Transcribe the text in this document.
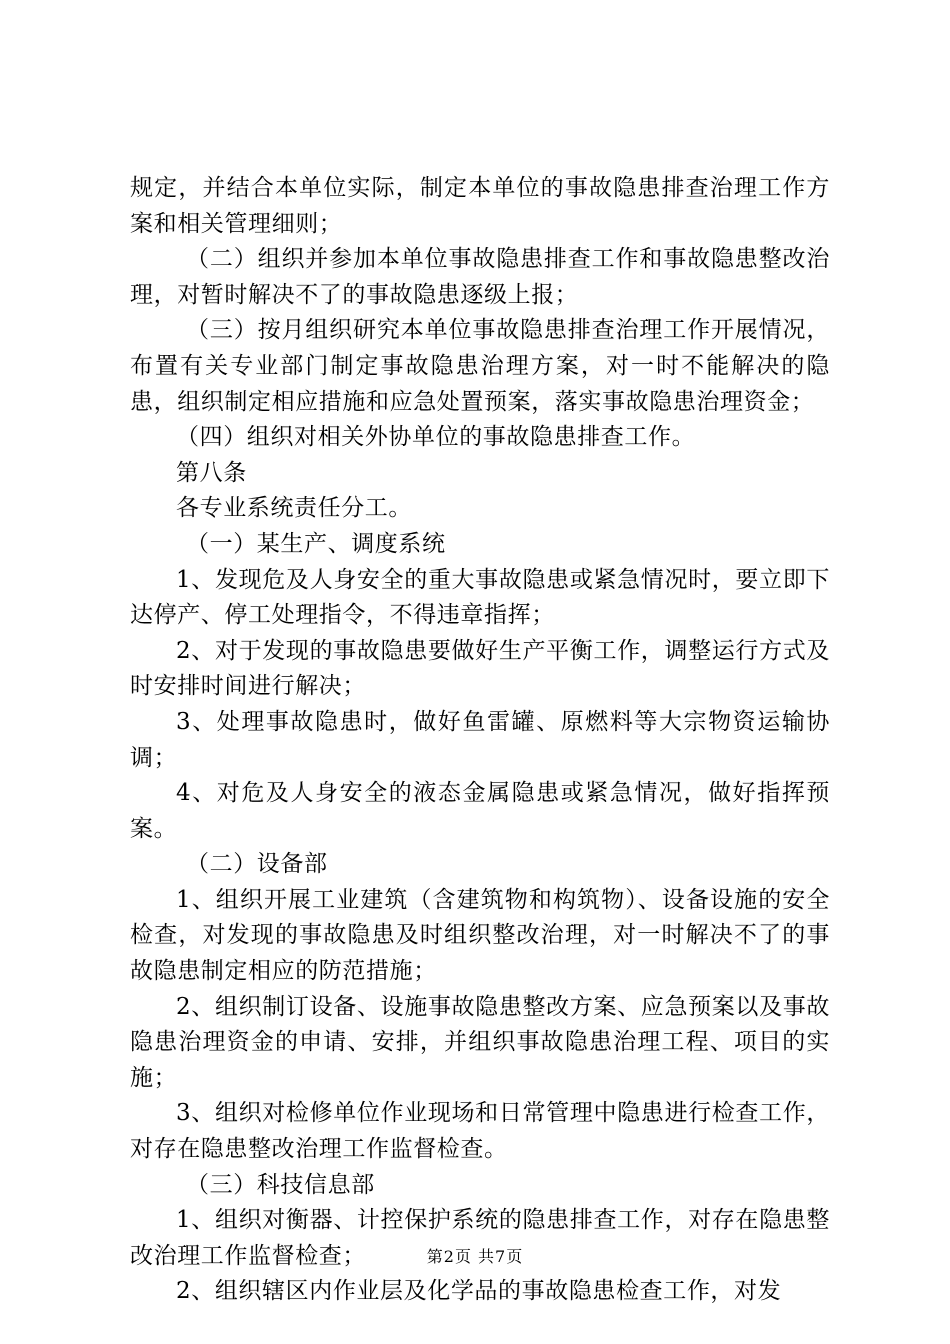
规定，并结合本单位实际，制定本单位的事故隐患排查治理工作方案和相关管理细则；

（二）组织并参加本单位事故隐患排查工作和事故隐患整改治理，对暂时解决不了的事故隐患逐级上报；

（三）按月组织研究本单位事故隐患排查治理工作开展情况，布置有关专业部门制定事故隐患治理方案，对一时不能解决的隐患，组织制定相应措施和应急处置预案，落实事故隐患治理资金；

（四）组织对相关外协单位的事故隐患排查工作。

第八条

各专业系统责任分工。

（一）某生产、调度系统

1、发现危及人身安全的重大事故隐患或紧急情况时，要立即下达停产、停工处理指令，不得违章指挥；

2、对于发现的事故隐患要做好生产平衡工作，调整运行方式及时安排时间进行解决；

3、处理事故隐患时，做好鱼雷罐、原燃料等大宗物资运输协调；

4、对危及人身安全的液态金属隐患或紧急情况，做好指挥预案。

（二）设备部

1、组织开展工业建筑（含建筑物和构筑物）、设备设施的安全检查，对发现的事故隐患及时组织整改治理，对一时解决不了的事故隐患制定相应的防范措施；

2、组织制订设备、设施事故隐患整改方案、应急预案以及事故隐患治理资金的申请、安排，并组织事故隐患治理工程、项目的实施；

3、组织对检修单位作业现场和日常管理中隐患进行检查工作，对存在隐患整改治理工作监督检查。

（三）科技信息部

1、组织对衡器、计控保护系统的隐患排查工作，对存在隐患整改治理工作监督检查；

2、组织辖区内作业层及化学品的事故隐患检查工作，对发

第2页 共7页
